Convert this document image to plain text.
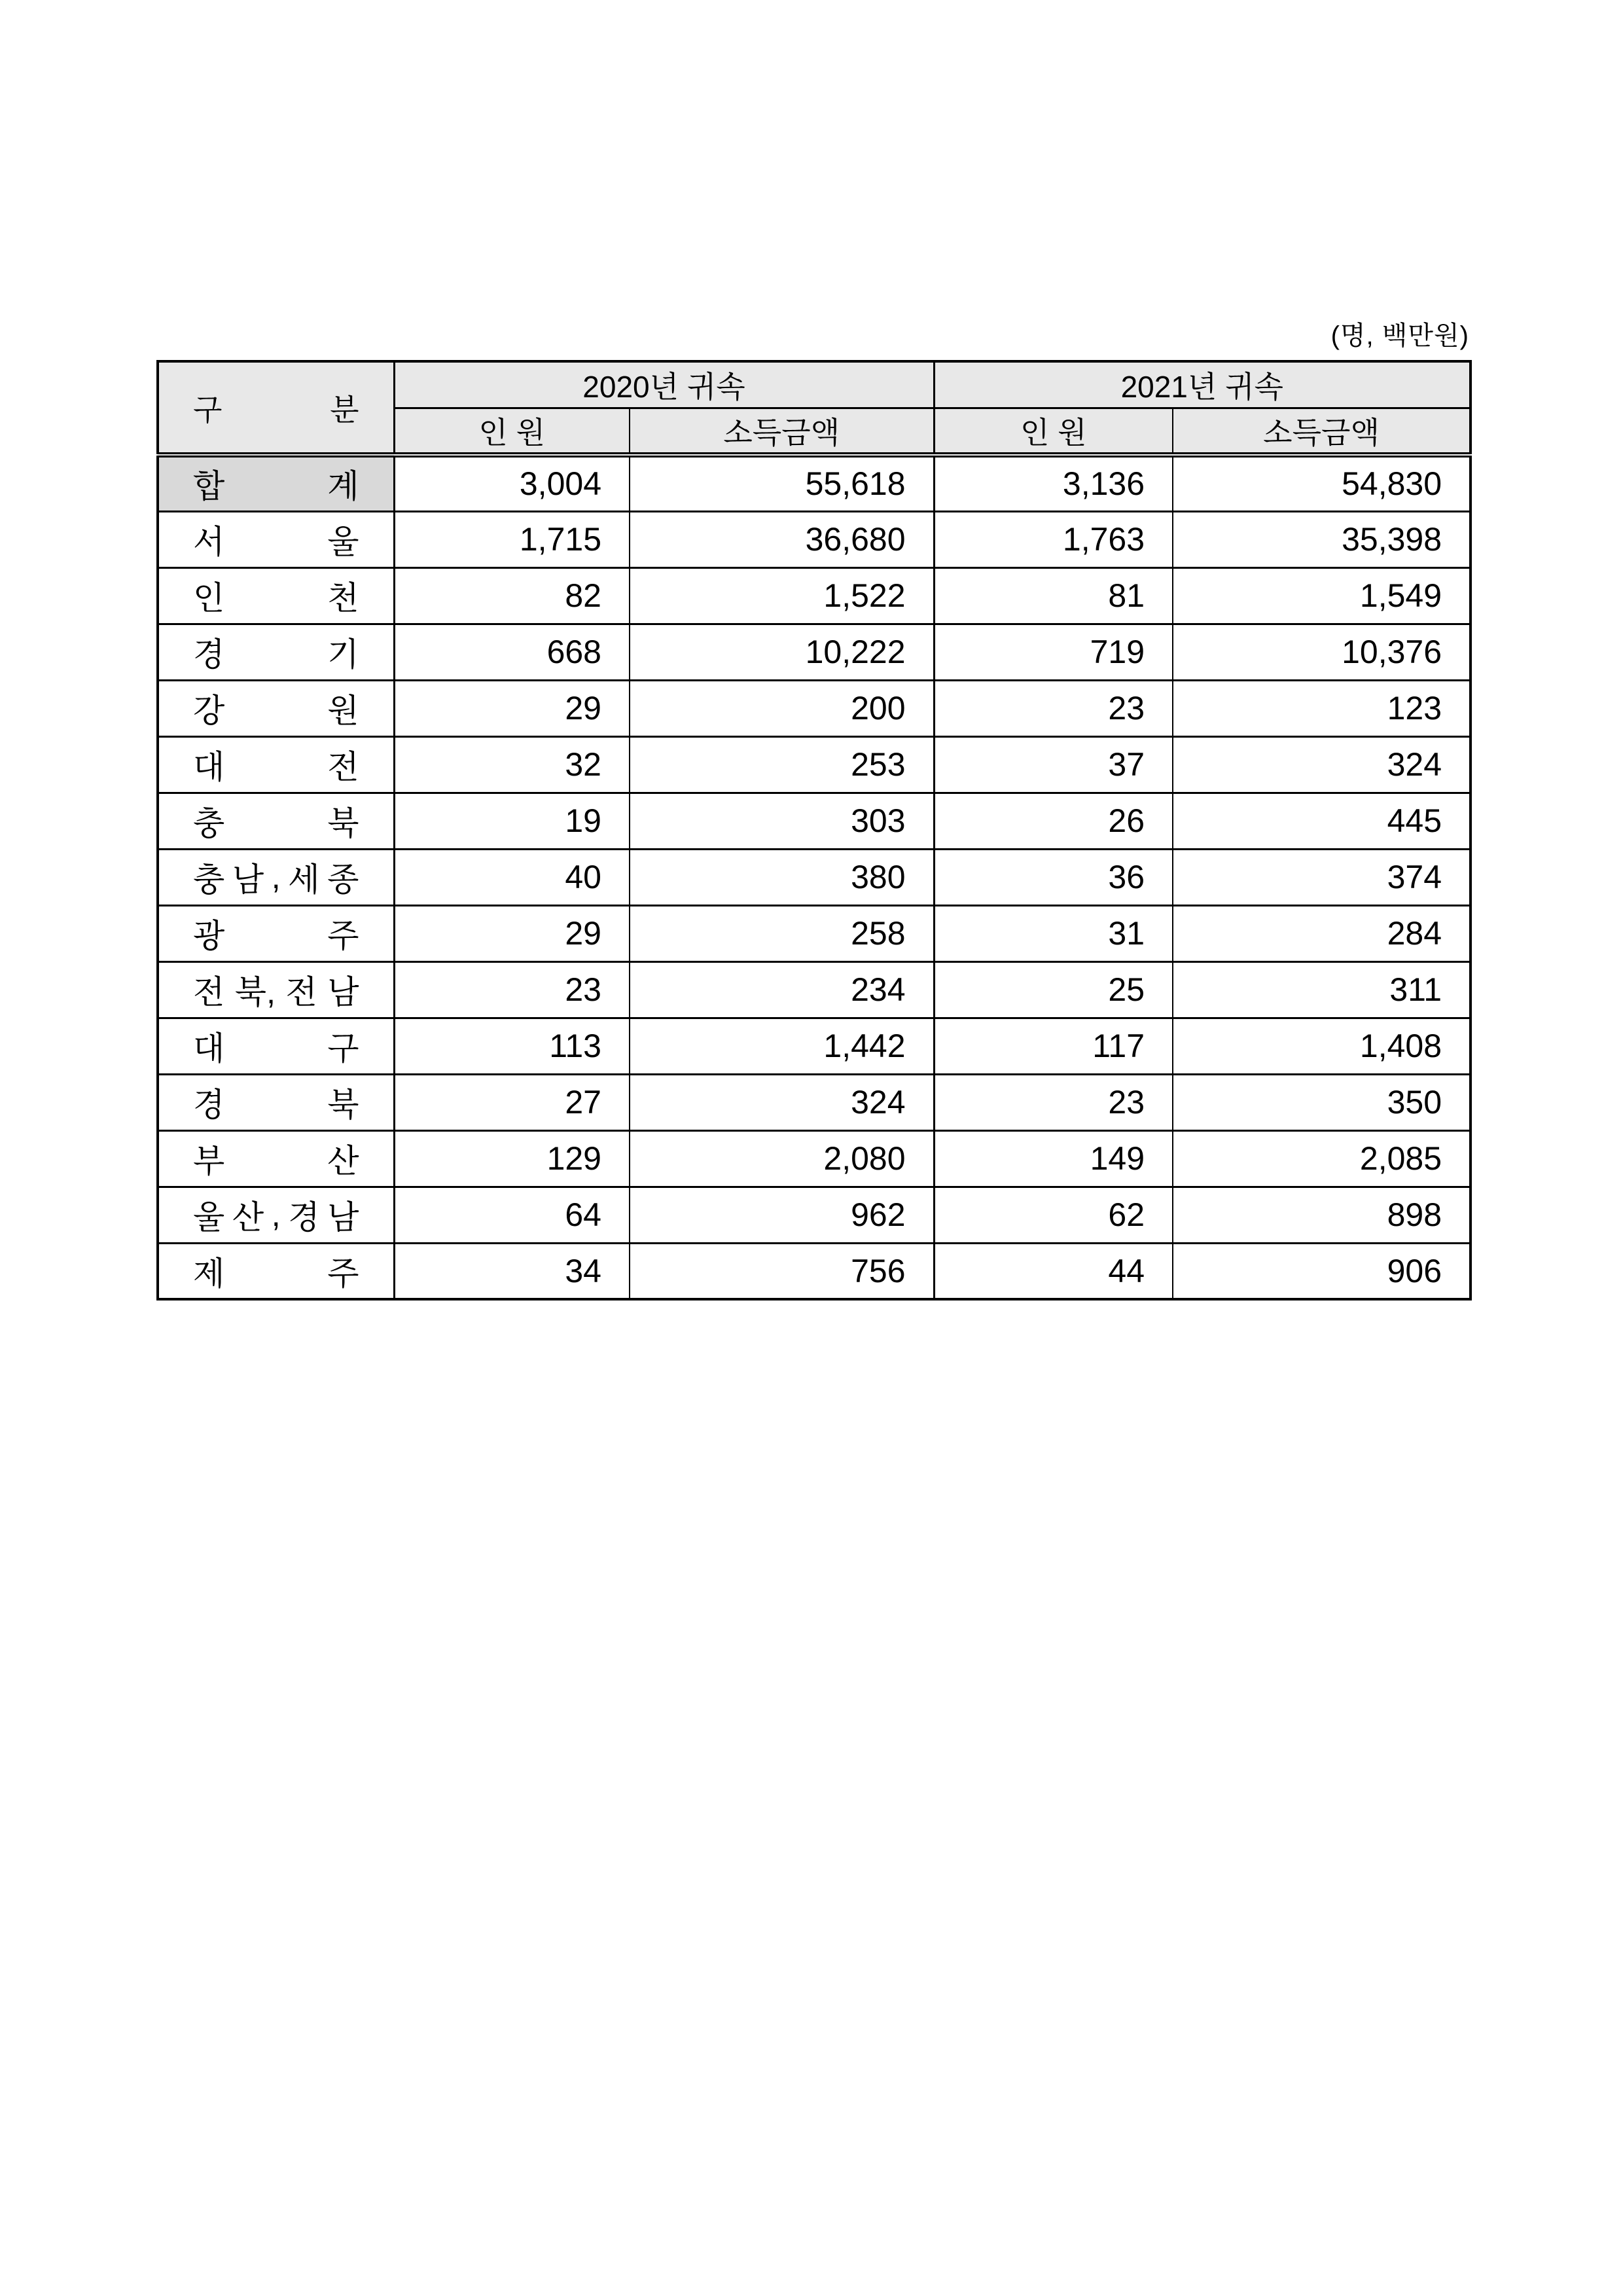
(명, 백만원)
구 분	2020년 귀속		2021년 귀속	
	인 원	소득금액	인 원	소득금액

합 계	3,004	55,618	3,136	54,830

서 울	1,715	36,680	1,763	35,398

인 천	82	1,522	81	1,549

경 기	668	10,222	719	10,376

강 원	29	200	23	123

대 전	32	253	37	324

충 북	19	303	26	445

충 남 , 세 종	40	380	36	374

광 주	29	258	31	284

전 북, 전 남	23	234	25	311

대 구	113	1,442	117	1,408

경 북	27	324	23	350

부 산	129	2,080	149	2,085

울 산 , 경 남	64	962	62	898

제 주	34	756	44	906
